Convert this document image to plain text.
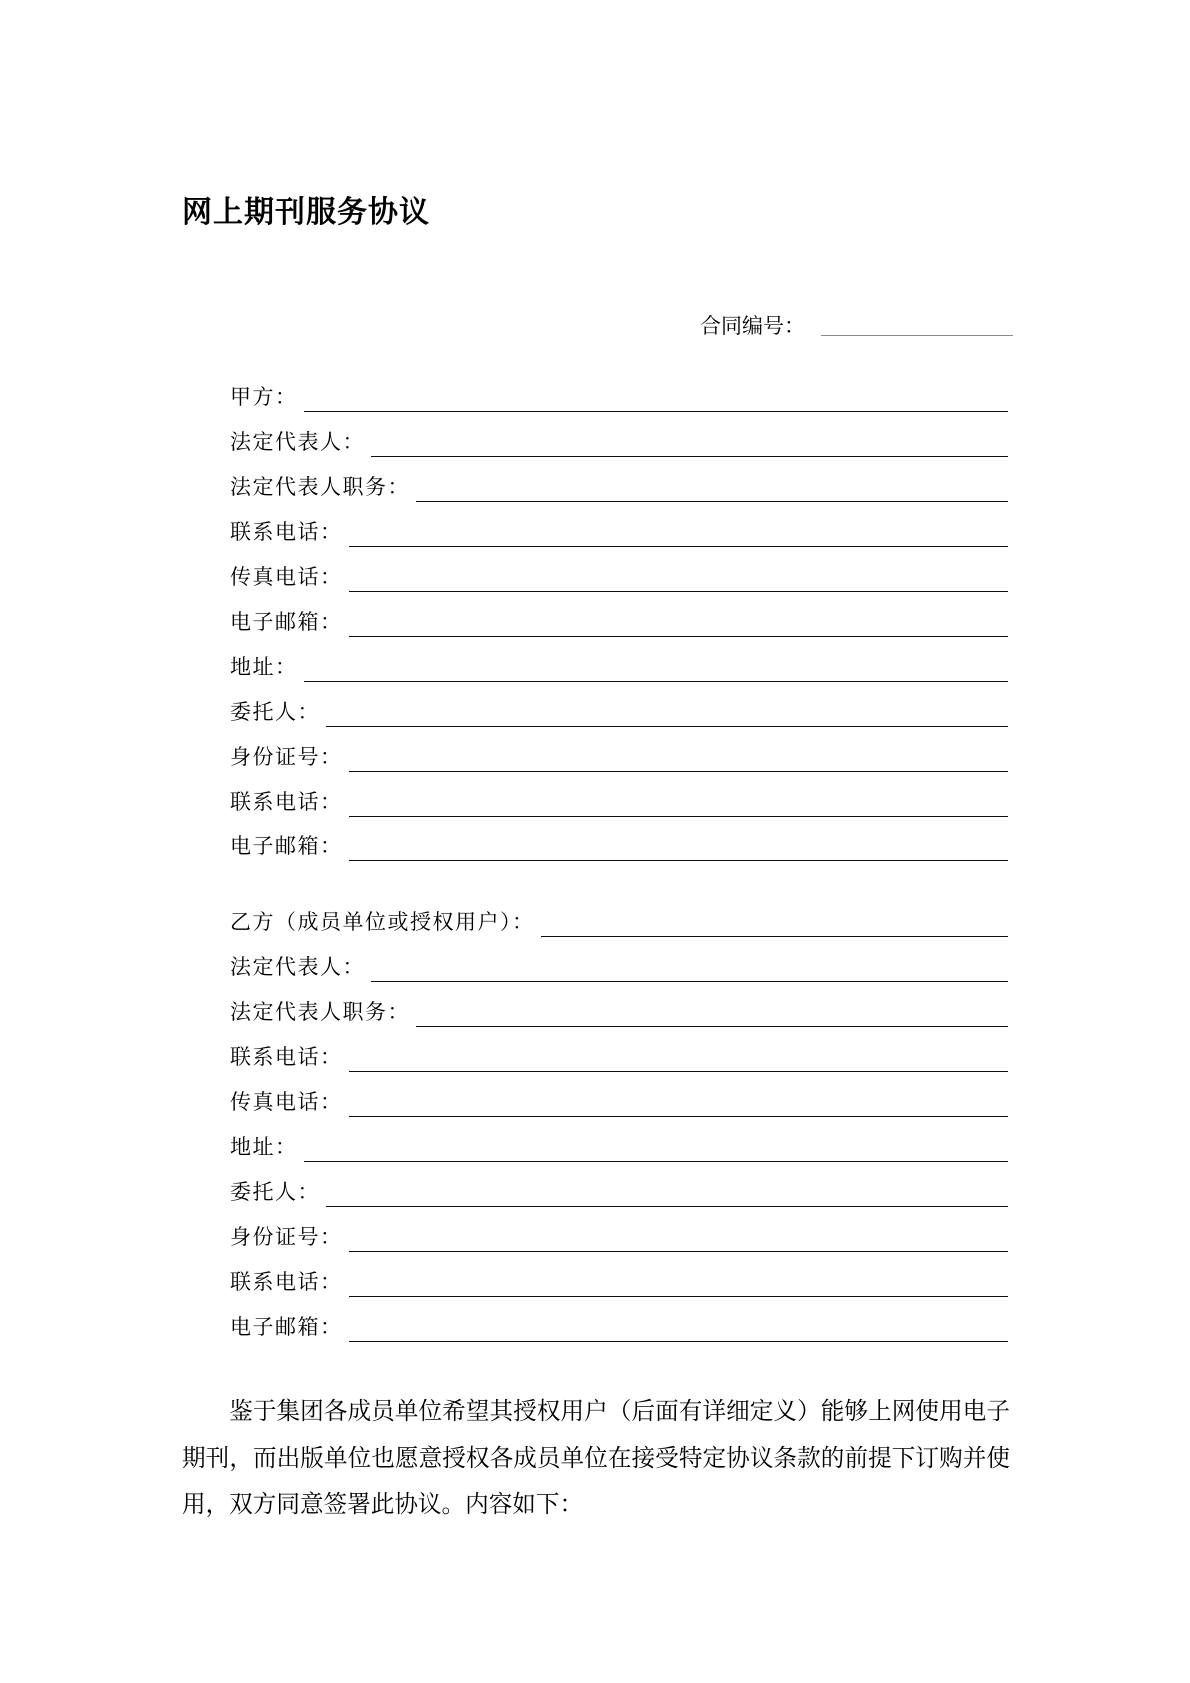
网上期刊服务协议
合同编号：
甲方：
法定代表人：
法定代表人职务：
联系电话：
传真电话：
电子邮箱：
地址：
委托人：
身份证号：
联系电话：
电子邮箱：
乙方（成员单位或授权用户）：
法定代表人：
法定代表人职务：
联系电话：
传真电话：
地址：
委托人：
身份证号：
联系电话：
电子邮箱：

鉴于集团各成员单位希望其授权用户（后面有详细定义）能够上网使用电子期刊，而出版单位也愿意授权各成员单位在接受特定协议条款的前提下订购并使用，双方同意签署此协议。内容如下：
